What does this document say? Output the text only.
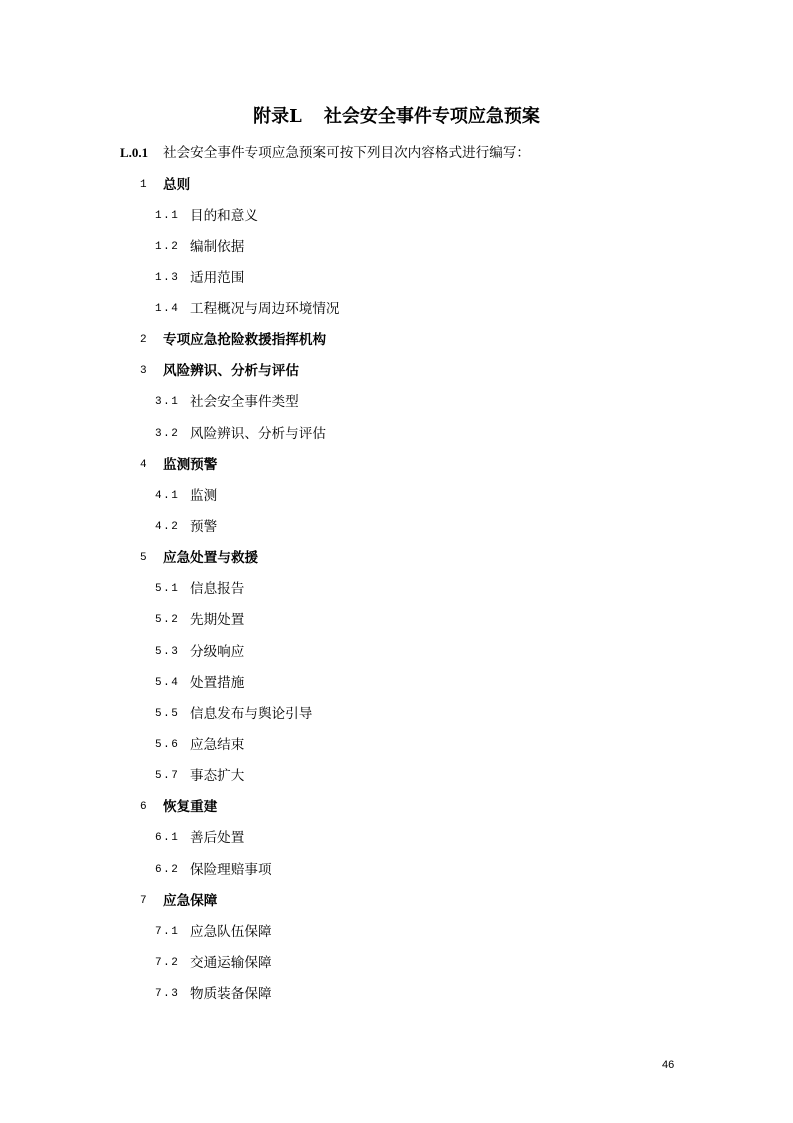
附录L 社会安全事件专项应急预案
L.0.1 社会安全事件专项应急预案可按下列目次内容格式进行编写：
1 总则
1.1 目的和意义
1.2 编制依据
1.3 适用范围
1.4 工程概况与周边环境情况
2 专项应急抢险救援指挥机构
3 风险辨识、分析与评估
3.1 社会安全事件类型
3.2 风险辨识、分析与评估
4 监测预警
4.1 监测
4.2 预警
5 应急处置与救援
5.1 信息报告
5.2 先期处置
5.3 分级响应
5.4 处置措施
5.5 信息发布与舆论引导
5.6 应急结束
5.7 事态扩大
6 恢复重建
6.1 善后处置
6.2 保险理赔事项
7 应急保障
7.1 应急队伍保障
7.2 交通运输保障
7.3 物质装备保障
46
